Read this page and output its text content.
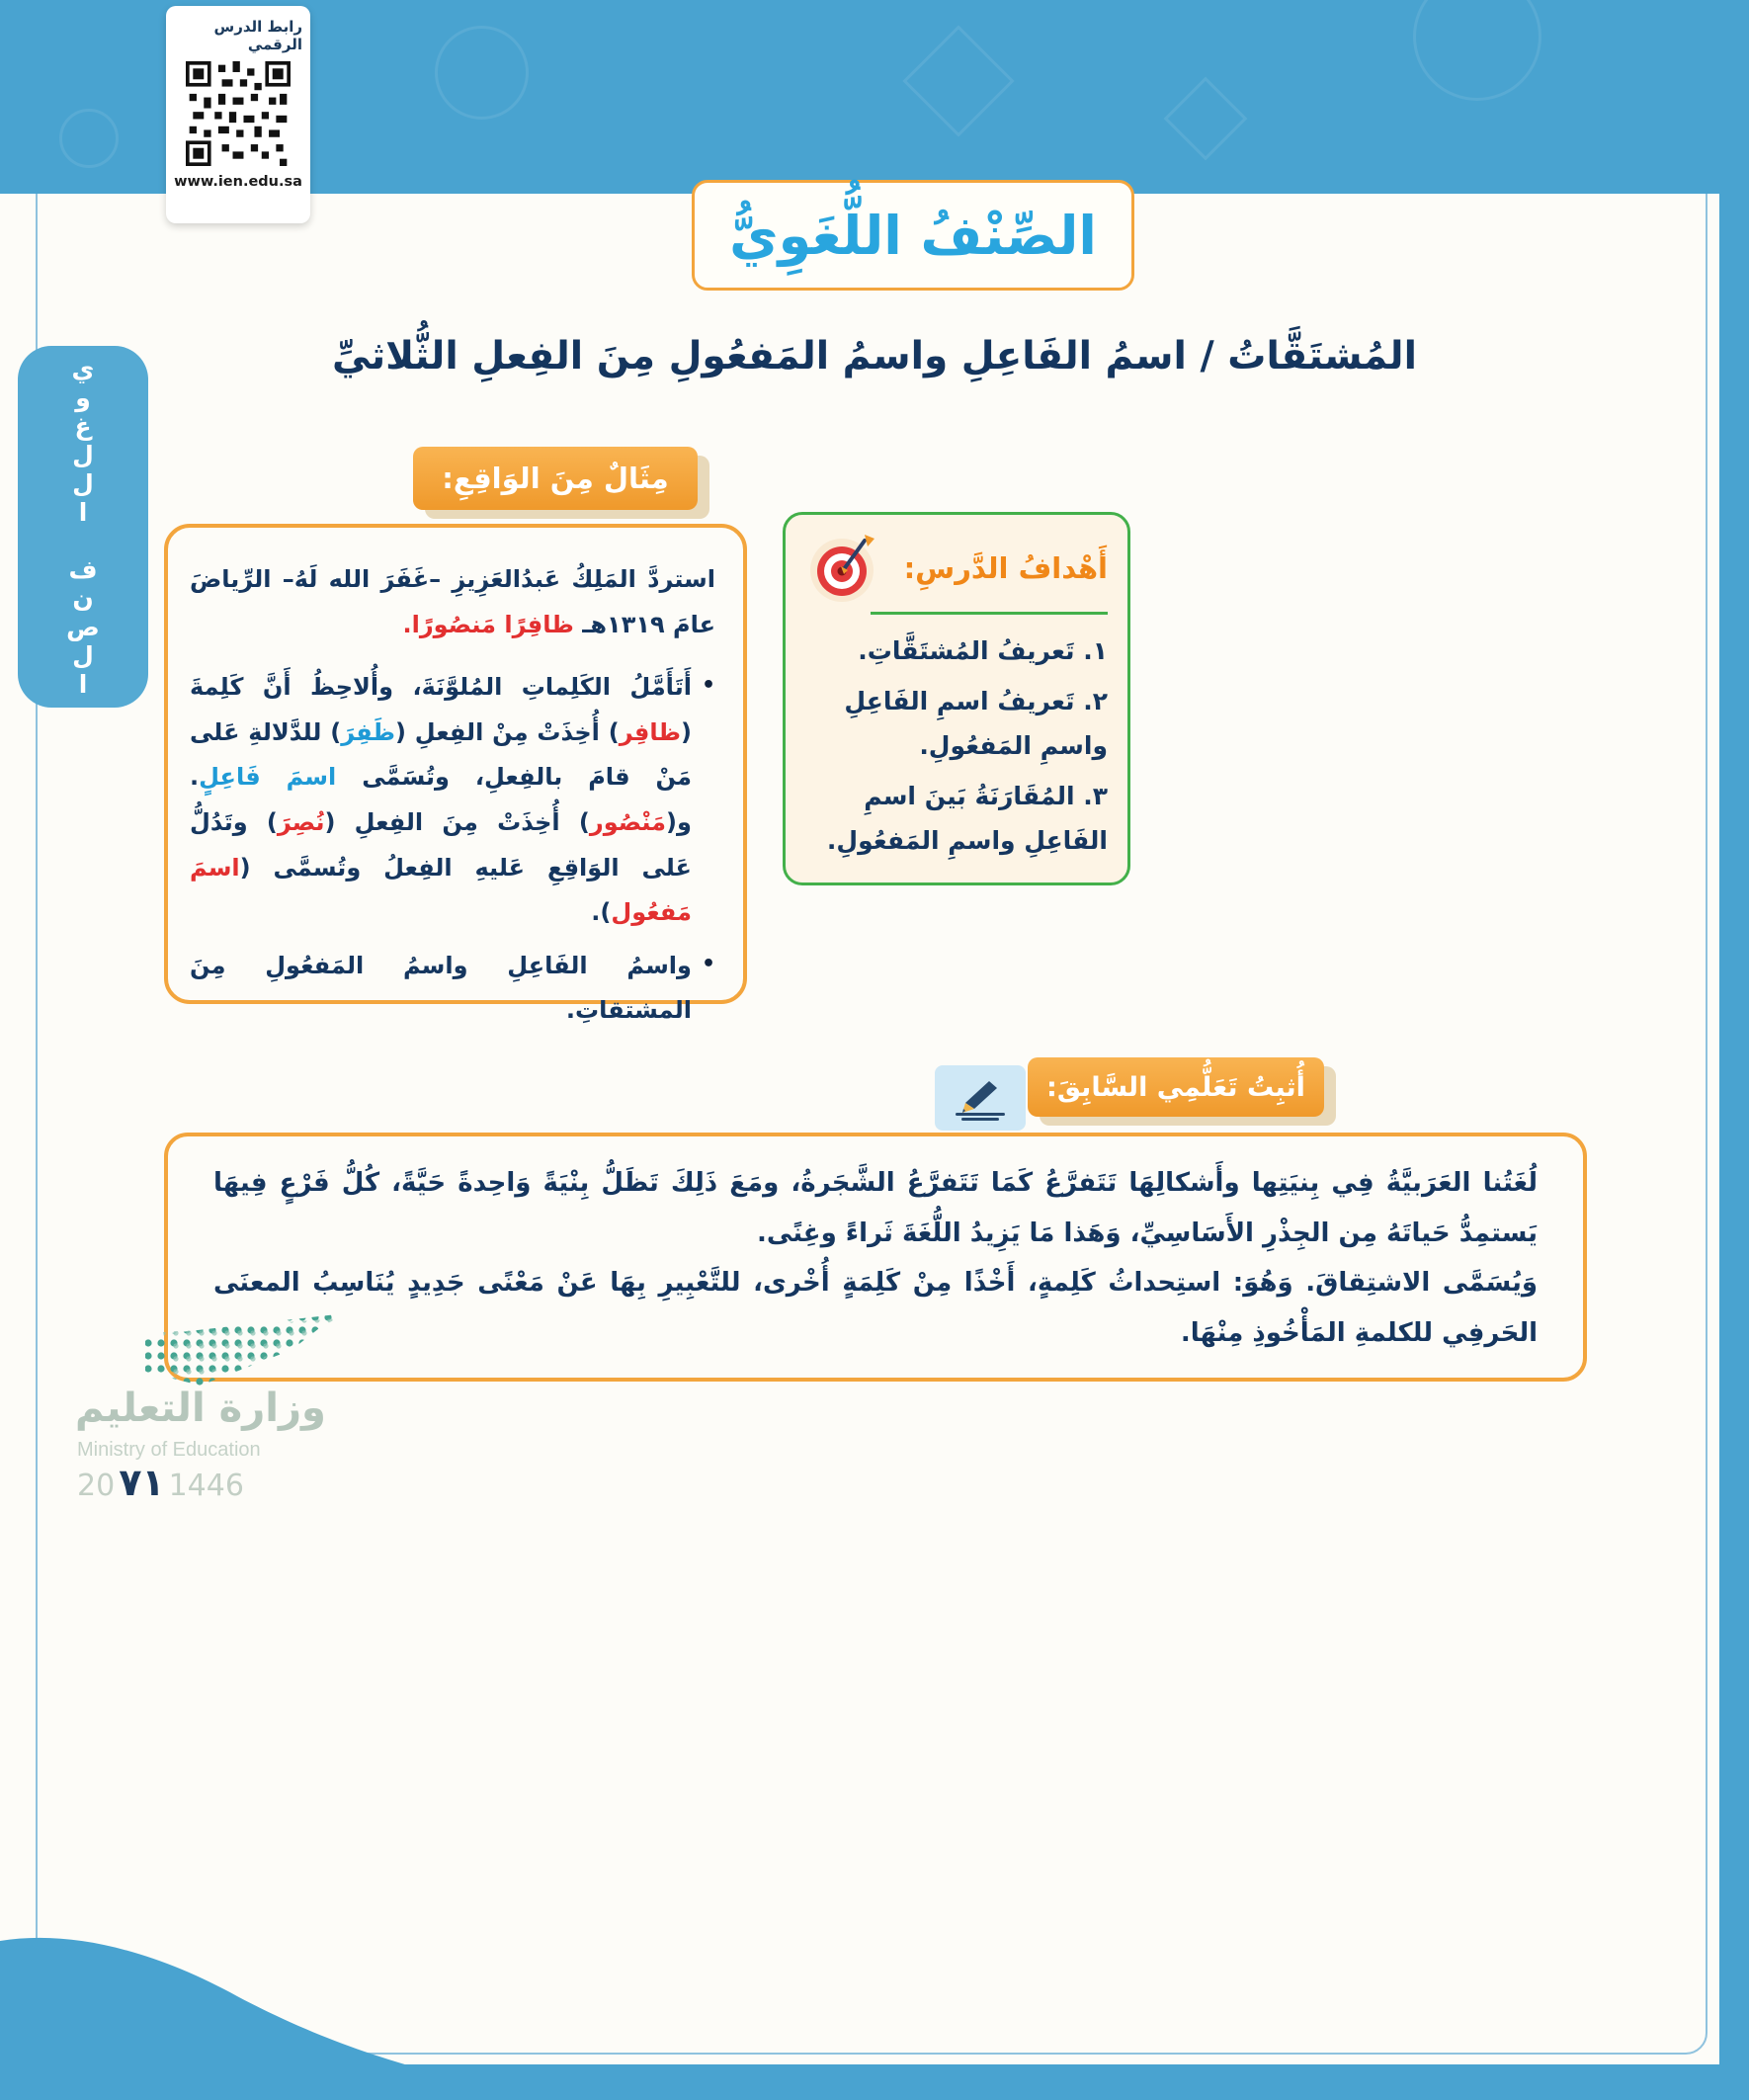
رابط الدرس الرقمي
www.ien.edu.sa
الصِّنْفُ اللُّغَوِيُّ
المُشتَقَّاتُ / اسمُ الفَاعِلِ واسمُ المَفعُولِ مِنَ الفِعلِ الثُّلاثيِّ
الصنف اللغوي	مِثَالٌ مِنَ الوَاقِعِ:

استردَّ المَلِكُ عَبدُالعَزِيزِ –غَفَرَ الله لَهُ– الرِّياضَ عامَ ١٣١٩هـ ظافِرًا مَنصُورًا.

•

أَتَأَمَّلُ الكَلِماتِ المُلوَّنَةَ، وأُلاحِظُ أَنَّ كَلِمةَ (ظافِر) أُخِذَتْ مِنْ الفِعلِ (ظَفِرَ) للدَّلالةِ عَلى مَنْ قامَ بالفِعلِ، وتُسَمَّى اسمَ فَاعِلٍ. و(مَنْصُور) أُخِذَتْ مِنَ الفِعلِ (نُصِرَ) وتَدُلُّ عَلى الوَاقِعِ عَليهِ الفِعلُ وتُسمَّى (اسمَ مَفعُول).

•

واسمُ الفَاعِلِ واسمُ المَفعُولِ مِنَ المشتقاتِ.

أَهْدافُ الدَّرسِ:
١. تَعريفُ المُشتَقَّاتِ.
٢. تَعريفُ اسمِ الفَاعِلِ واسمِ المَفعُولِ.
٣. المُقَارَنَةُ بَينَ اسمِ الفَاعِلِ واسمِ المَفعُولِ.
أُثبِتُ تَعَلُّمِي السَّابِقَ:

لُغَتُنا العَرَبيَّةُ فِي بِنيَتِها وأَشكالِهَا تَتَفرَّعُ كَمَا تَتَفرَّعُ الشَّجَرةُ، ومَعَ ذَلِكَ تَظَلُّ بِنْيَةً وَاحِدةً حَيَّةً، كُلُّ فَرْعٍ فِيهَا يَستمِدُّ حَياتَهُ مِن الجِذْرِ الأَسَاسِيِّ، وَهَذا مَا يَزِيدُ اللُّغَةَ ثَراءً وغِنًى.

وَيُسَمَّى الاشتِقاقَ. وَهُوَ: استِحداثُ كَلِمةٍ، أَخْذًا مِنْ كَلِمَةٍ أُخْرى، للتَّعْبِيرِ بِهَا عَنْ مَعْنًى جَدِيدٍ يُنَاسِبُ المعنَى الحَرفِي للكلمةِ المَأْخُوذِ مِنْهَا.

وزارة التعليم
Ministry of Education
20 ٧١ 1446
